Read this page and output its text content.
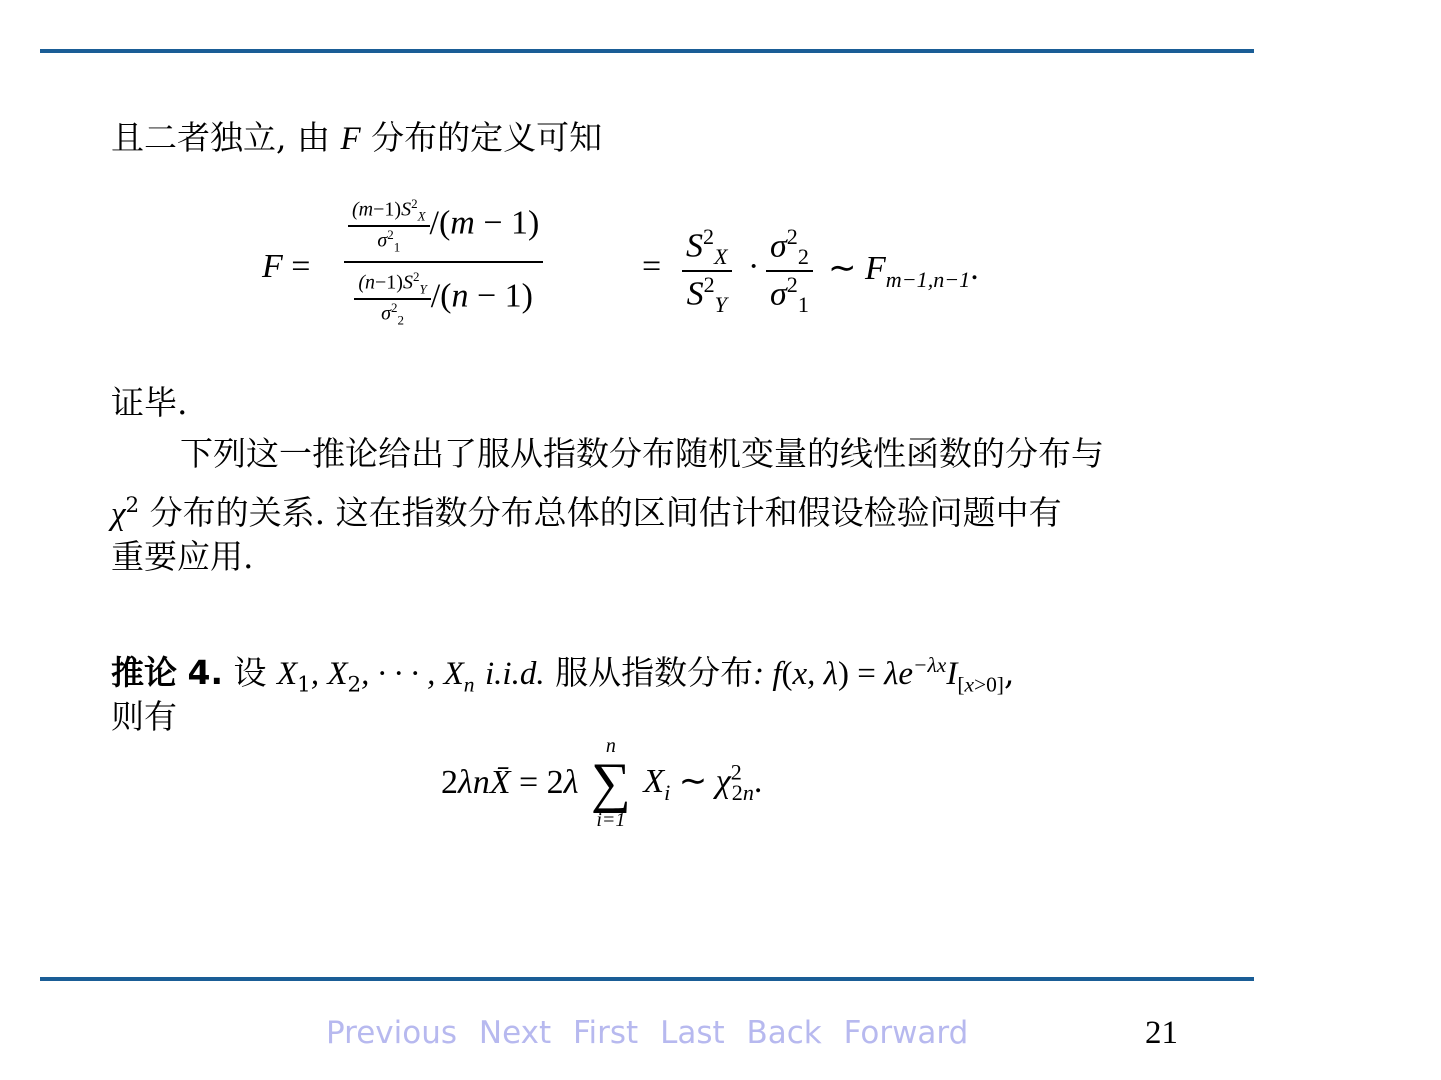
且二者独立, 由 F 分布的定义可知
$F = \frac{\frac{(m-1)S^2_X}{\sigma^2_1} /(m - 1)}{\frac{(n-1)S^2_Y}{\sigma^2_2} /(n - 1)}$	= $\frac{S^2_X}{S^2_Y} \cdot \frac{\sigma^2_2}{\sigma^2_1}$ ∼ $F_{m-1,n-1}$.
证毕.
下列这一推论给出了服从指数分布随机变量的线性函数的分布与
$\chi^2$ 分布的关系. 这在指数分布总体的区间估计和假设检验问题中有
重要应用.
推论 4. 设 $X_1$, $X_2$, · · · , $X_n$ i.i.d. 服从指数分布: f(x, $\lambda) = \lambda e^{-\lambda x}I_{[x>0]}$,
则有
2λnX̄ = 2λ
n
∑
i=1
$X_i$ ∼ $\chi^2_{2n}$.
Previous Next First Last Back Forward	21
